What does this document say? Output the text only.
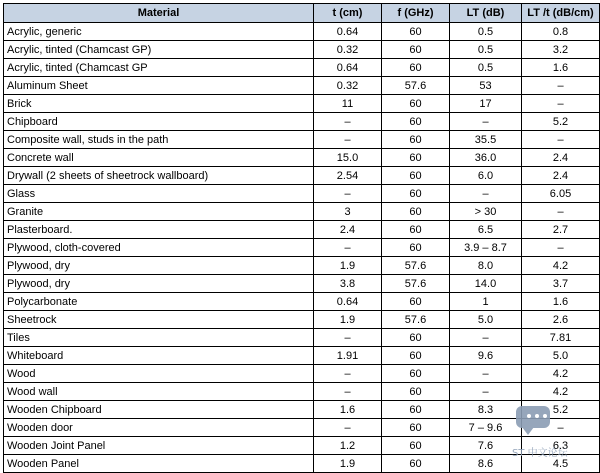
Material	t (cm)	f (GHz)	LT (dB)	LT /t (dB/cm)
Acrylic, generic	0.64	60	0.5	0.8
Acrylic, tinted (Chamcast GP)	0.32	60	0.5	3.2
Acrylic, tinted (Chamcast GP	0.64	60	0.5	1.6
Aluminum Sheet	0.32	57.6	53	–
Brick	11	60	17	–
Chipboard	–	60	–	5.2
Composite wall, studs in the path	–	60	35.5	–
Concrete wall	15.0	60	36.0	2.4
Drywall (2 sheets of sheetrock wallboard)	2.54	60	6.0	2.4
Glass	–	60	–	6.05
Granite	3	60	> 30	–
Plasterboard.	2.4	60	6.5	2.7
Plywood, cloth-covered	–	60	3.9 – 8.7	–
Plywood, dry	1.9	57.6	8.0	4.2
Plywood, dry	3.8	57.6	14.0	3.7
Polycarbonate	0.64	60	1	1.6
Sheetrock	1.9	57.6	5.0	2.6
Tiles	–	60	–	7.81
Whiteboard	1.91	60	9.6	5.0
Wood	–	60	–	4.2
Wood wall	–	60	–	4.2
Wooden Chipboard	1.6	60	8.3	5.2
Wooden door	–	60	7 – 9.6	–
Wooden Joint Panel	1.2	60	7.6	6.3
Wooden Panel	1.9	60	8.6	4.5
ST 中文论坛
